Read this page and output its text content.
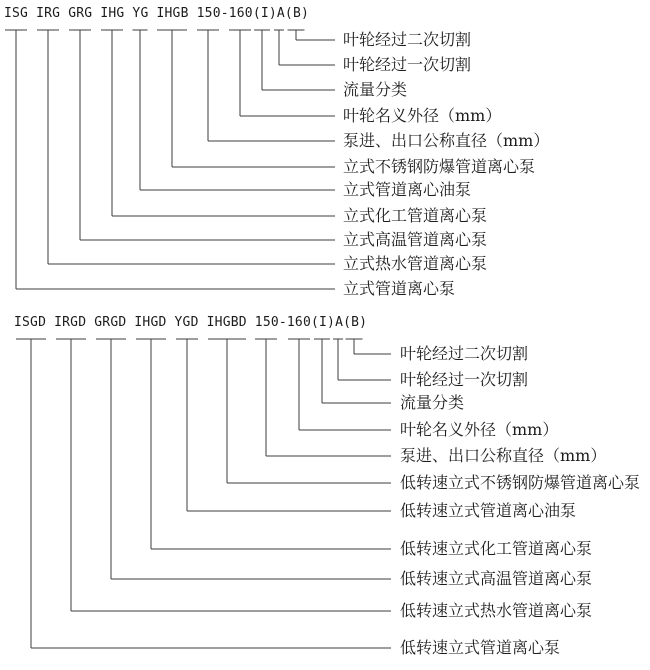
ISG IRG GRG IHG YG IHGB 150-160(I)A(B)
立式管道离心泵
立式热水管道离心泵
立式高温管道离心泵
立式化工管道离心泵
立式管道离心油泵
立式不锈钢防爆管道离心泵
泵进、出口公称直径（mm）
叶轮名义外径（mm）
流量分类
叶轮经过一次切割
叶轮经过二次切割
ISGD IRGD GRGD IHGD YGD IHGBD 150-160(I)A(B)
低转速立式管道离心泵
低转速立式热水管道离心泵
低转速立式高温管道离心泵
低转速立式化工管道离心泵
低转速立式管道离心油泵
低转速立式不锈钢防爆管道离心泵
泵进、出口公称直径（mm）
叶轮名义外径（mm）
流量分类
叶轮经过一次切割
叶轮经过二次切割
